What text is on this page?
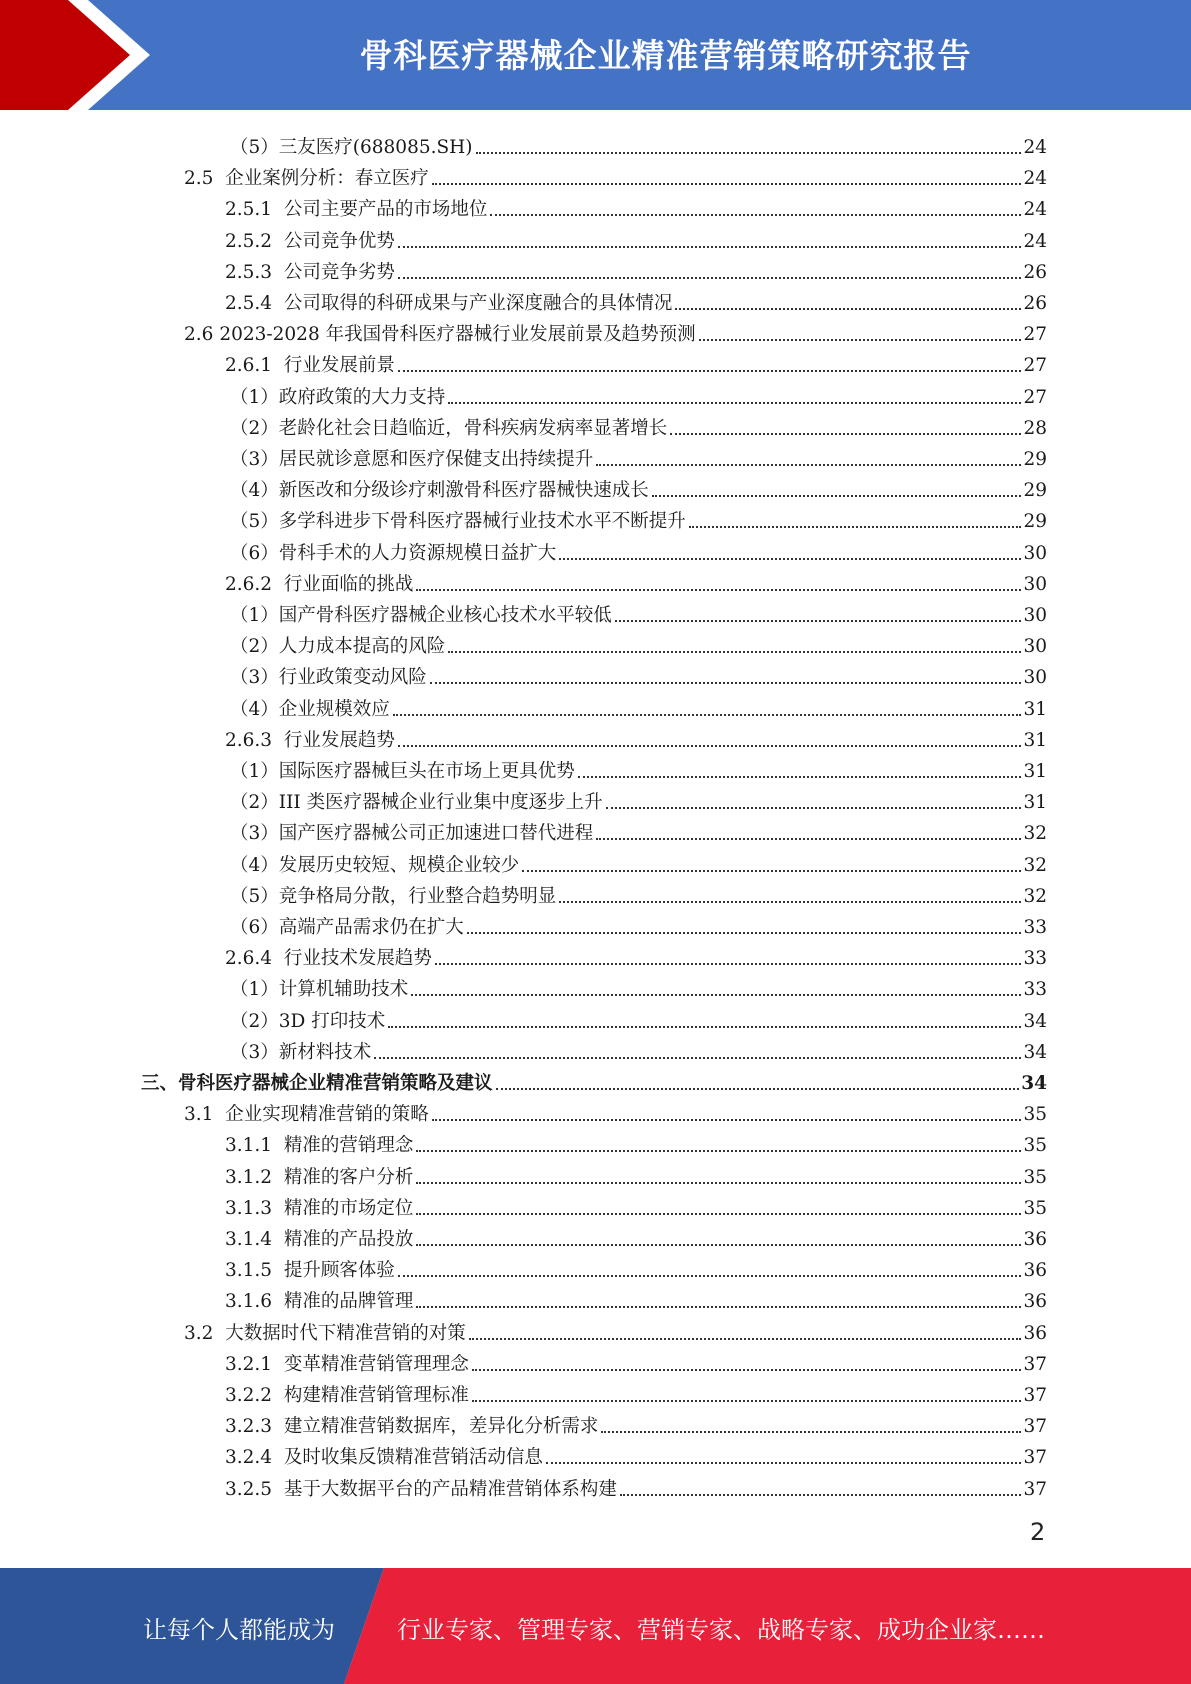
骨科医疗器械企业精准营销策略研究报告
（5） 三友医疗(688085.SH)	24
2.5 企业案例分析：春立医疗	24
2.5.1 公司主要产品的市场地位	24
2.5.2 公司竞争优势	24
2.5.3 公司竞争劣势	26
2.5.4 公司取得的科研成果与产业深度融合的具体情况	26
2.6 2023-2028 年我国骨科医疗器械行业发展前景及趋势预测	27
2.6.1 行业发展前景	27
（1） 政府政策的大力支持	27
（2） 老龄化社会日趋临近，骨科疾病发病率显著增长	28
（3） 居民就诊意愿和医疗保健支出持续提升	29
（4） 新医改和分级诊疗刺激骨科医疗器械快速成长	29
（5） 多学科进步下骨科医疗器械行业技术水平不断提升	29
（6） 骨科手术的人力资源规模日益扩大	30
2.6.2 行业面临的挑战	30
（1） 国产骨科医疗器械企业核心技术水平较低	30
（2） 人力成本提高的风险	30
（3） 行业政策变动风险	30
（4） 企业规模效应	31
2.6.3 行业发展趋势	31
（1） 国际医疗器械巨头在市场上更具优势	31
（2） III 类医疗器械企业行业集中度逐步上升	31
（3） 国产医疗器械公司正加速进口替代进程	32
（4） 发展历史较短、规模企业较少	32
（5） 竞争格局分散，行业整合趋势明显	32
（6） 高端产品需求仍在扩大	33
2.6.4 行业技术发展趋势	33
（1） 计算机辅助技术	33
（2） 3D 打印技术	34
（3） 新材料技术	34
三、 骨科医疗器械企业精准营销策略及建议	34
3.1 企业实现精准营销的策略	35
3.1.1 精准的营销理念	35
3.1.2 精准的客户分析	35
3.1.3 精准的市场定位	35
3.1.4 精准的产品投放	36
3.1.5 提升顾客体验	36
3.1.6 精准的品牌管理	36
3.2 大数据时代下精准营销的对策	36
3.2.1 变革精准营销管理理念	37
3.2.2 构建精准营销管理标准	37
3.2.3 建立精准营销数据库，差异化分析需求	37
3.2.4 及时收集反馈精准营销活动信息	37
3.2.5 基于大数据平台的产品精准营销体系构建	37
2
让每个人都能成为	行业专家、管理专家、营销专家、战略专家、成功企业家……
